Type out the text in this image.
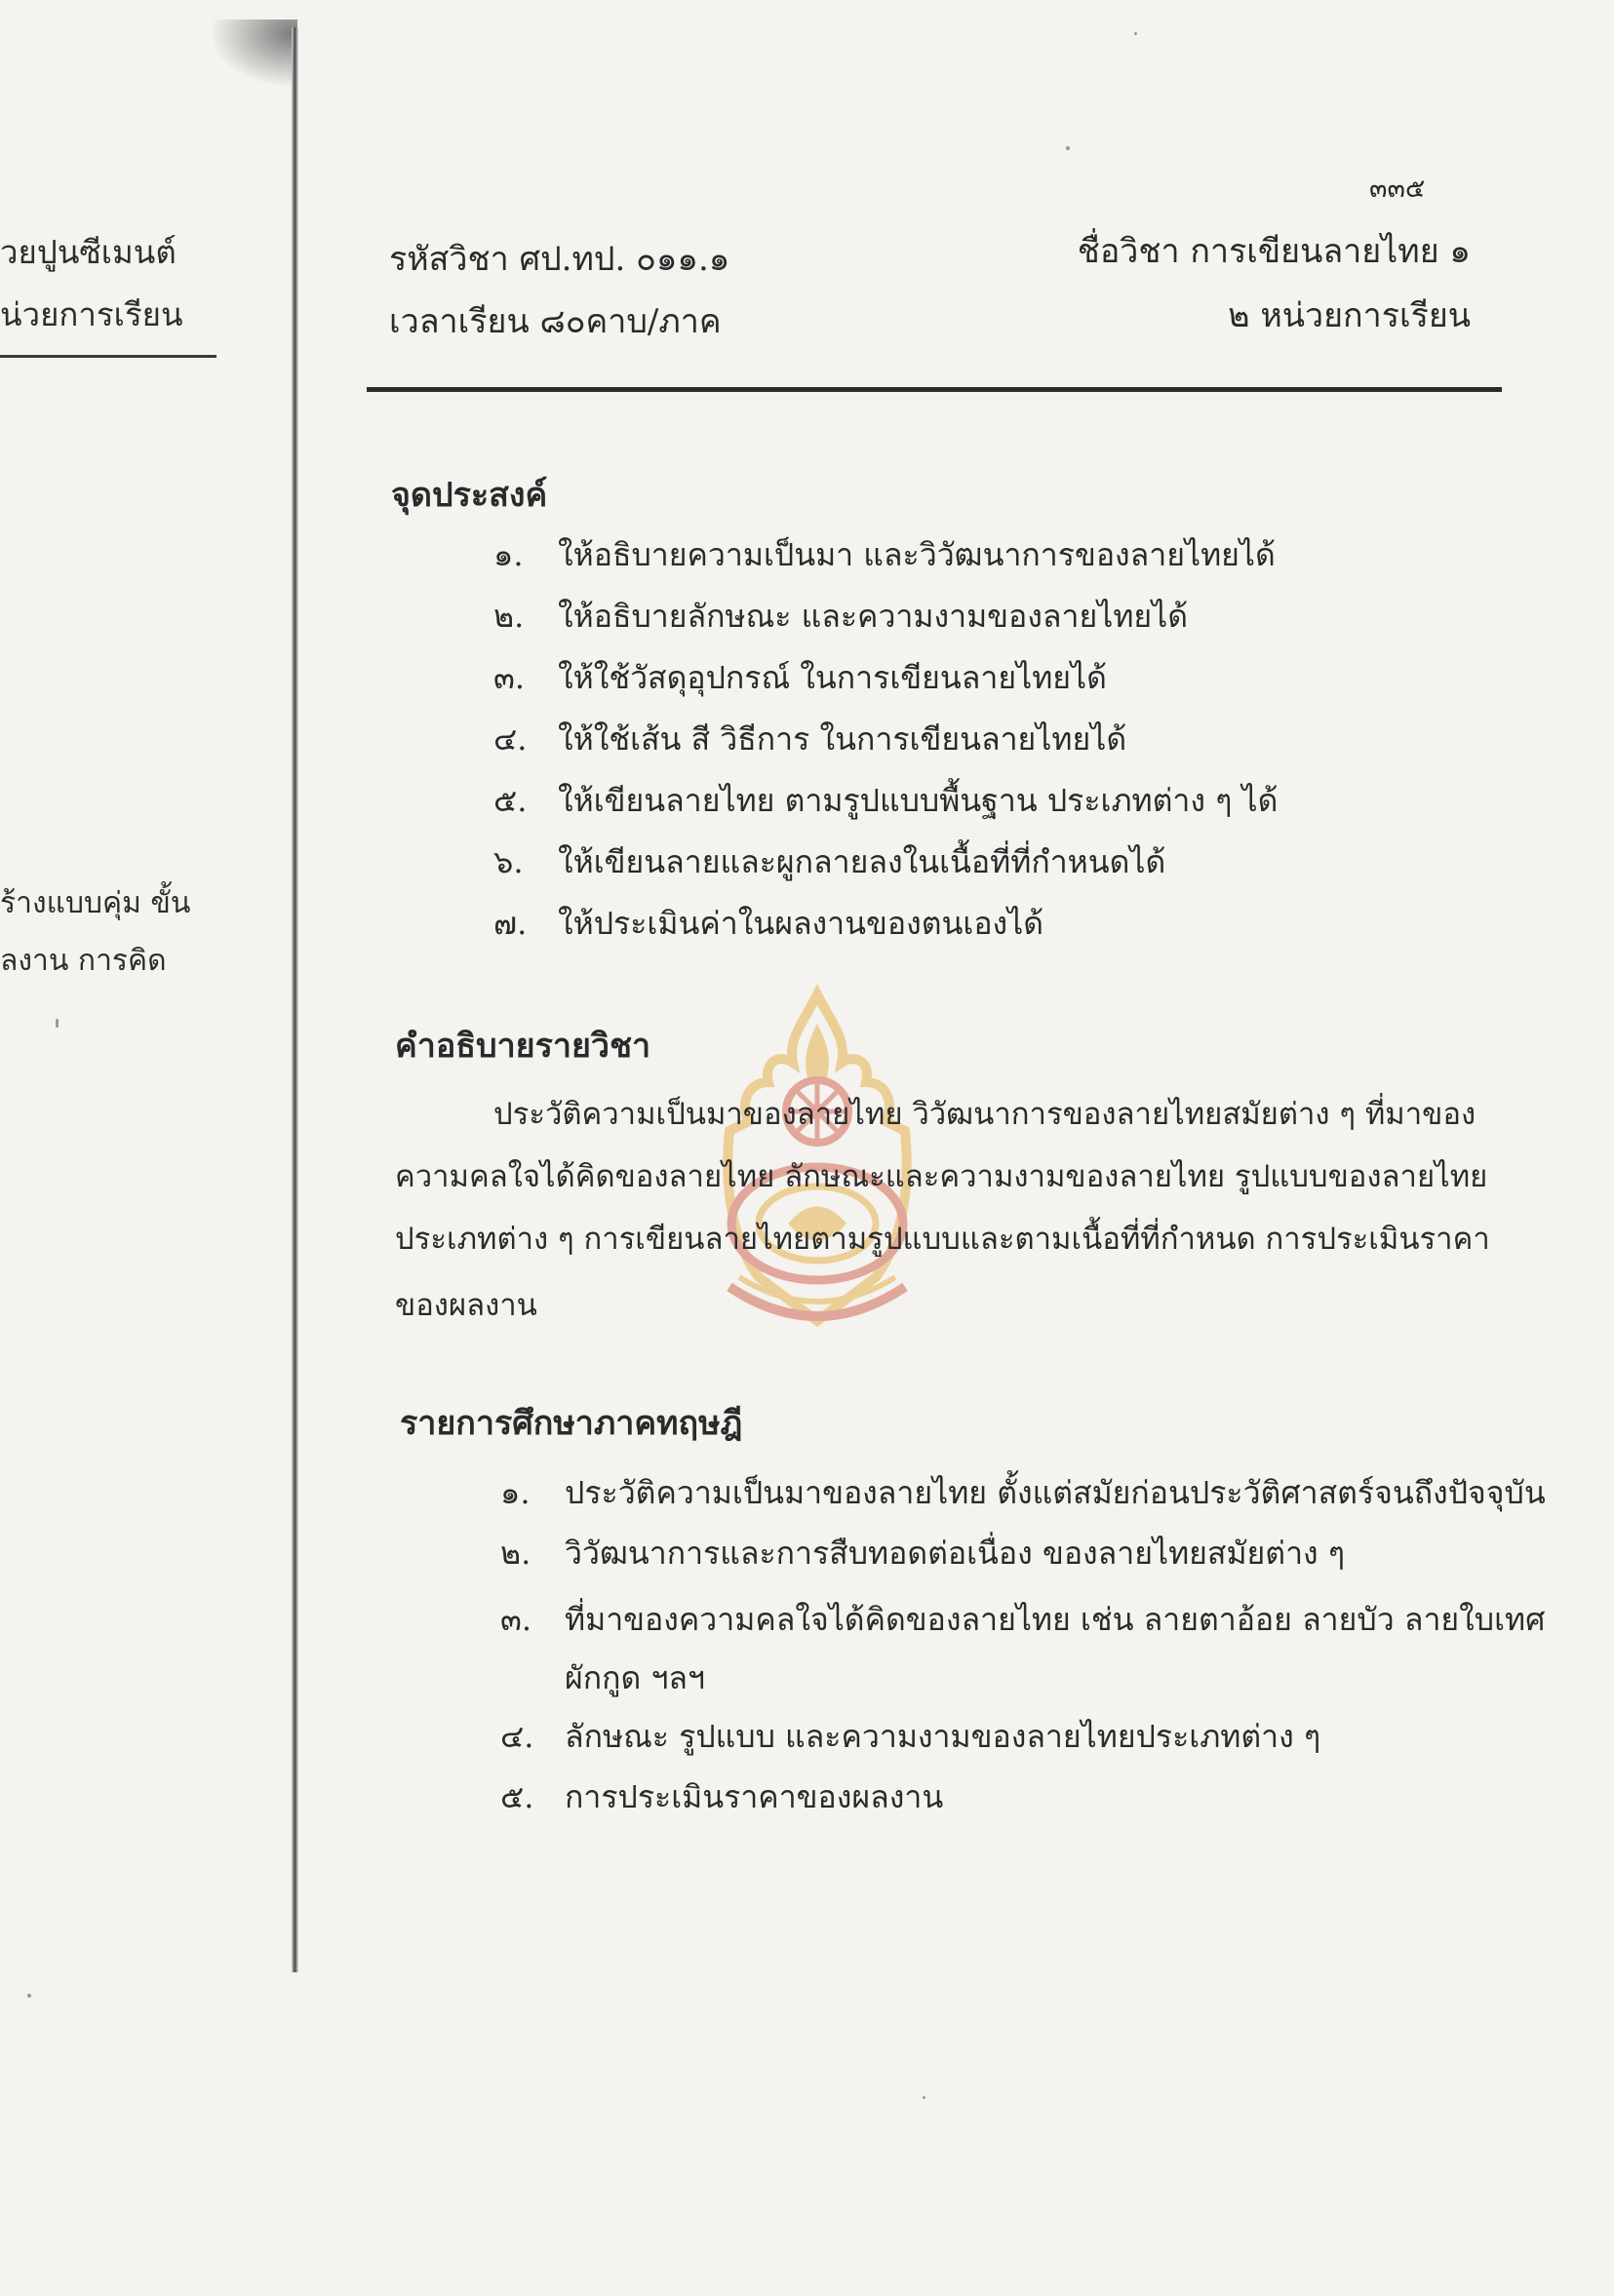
วยปูนซีเมนต์
น่วยการเรียน
ร้างแบบคุ่ม ขั้น
ลงาน การคิด
๓๓๕
รหัสวิชา ศป.ทป. ๐๑๑.๑
เวลาเรียน ๘๐คาบ/ภาค
ชื่อวิชา การเขียนลายไทย ๑
๒ หน่วยการเรียน
จุดประสงค์
๑. ให้อธิบายความเป็นมา และวิวัฒนาการของลายไทยได้
๒. ให้อธิบายลักษณะ และความงามของลายไทยได้
๓. ให้ใช้วัสดุอุปกรณ์ ในการเขียนลายไทยได้
๔. ให้ใช้เส้น สี วิธีการ ในการเขียนลายไทยได้
๕. ให้เขียนลายไทย ตามรูปแบบพื้นฐาน ประเภทต่าง ๆ ได้
๖. ให้เขียนลายและผูกลายลงในเนื้อที่ที่กำหนดได้
๗. ให้ประเมินค่าในผลงานของตนเองได้
คำอธิบายรายวิชา
ประวัติความเป็นมาของลายไทย วิวัฒนาการของลายไทยสมัยต่าง ๆ ที่มาของ
ความคลใจได้คิดของลายไทย ลักษณะและความงามของลายไทย รูปแบบของลายไทย
ประเภทต่าง ๆ การเขียนลายไทยตามรูปแบบและตามเนื้อที่ที่กำหนด การประเมินราคา
ของผลงาน
รายการศึกษาภาคทฤษฎี
๑. ประวัติความเป็นมาของลายไทย ตั้งแต่สมัยก่อนประวัติศาสตร์จนถึงปัจจุบัน
๒. วิวัฒนาการและการสืบทอดต่อเนื่อง ของลายไทยสมัยต่าง ๆ
๓. ที่มาของความคลใจได้คิดของลายไทย เช่น ลายตาอ้อย ลายบัว ลายใบเทศ
ผักกูด ฯลฯ
๔. ลักษณะ รูปแบบ และความงามของลายไทยประเภทต่าง ๆ
๕. การประเมินราคาของผลงาน
